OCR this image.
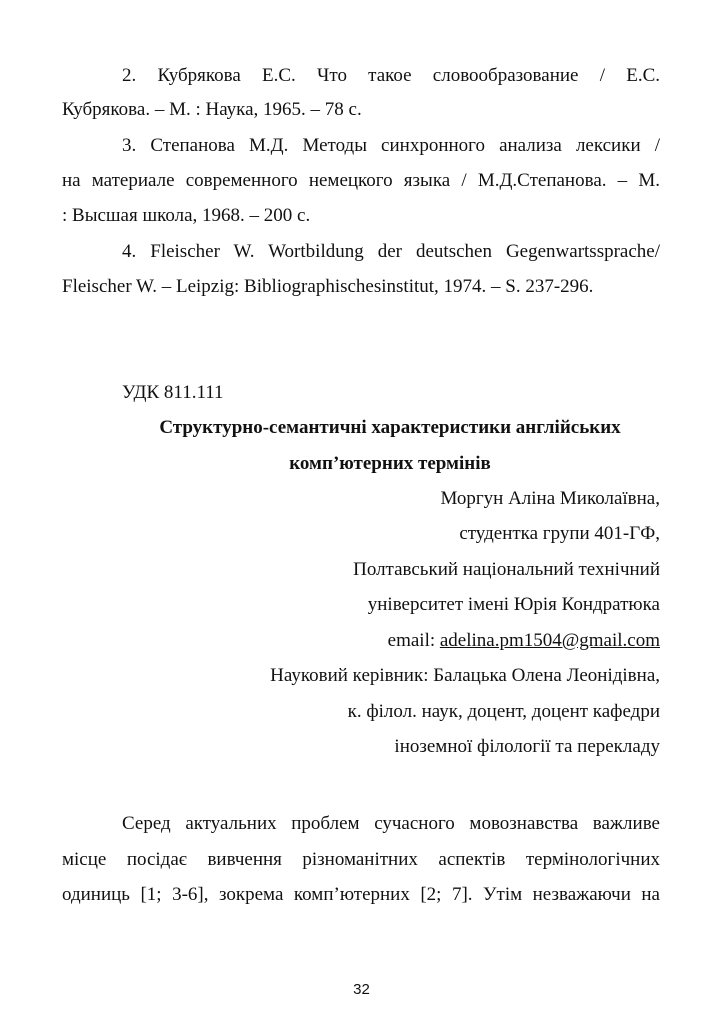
2. Кубрякова Е.С. Что такое словообразование / Е.С.
Кубрякова. – М. : Наука, 1965. – 78 с.
3. Степанова М.Д. Методы синхронного анализа лексики /
на материале современного немецкого языка / М.Д.Степанова. – М.
: Высшая школа, 1968. – 200 с.
4. Fleischer W. Wortbildung der deutschen Gegenwartssprache/
Fleischer W. – Leipzig: Bibliographischesinstitut, 1974. – S. 237-296.
УДК 811.111
Структурно-семантичні характеристики англійських
комп’ютерних термінів
Моргун Аліна Миколаївна,
студентка групи 401-ГФ,
Полтавський національний технічний
університет імені Юрія Кондратюка
email: adelina.pm1504@gmail.com
Науковий керівник: Балацька Олена Леонідівна,
к. філол. наук, доцент, доцент кафедри
іноземної філології та перекладу
Серед актуальних проблем сучасного мовознавства важливе
місце посідає вивчення різноманітних аспектів термінологічних
одиниць [1; 3-6], зокрема комп’ютерних [2; 7]. Утім незважаючи на
32
